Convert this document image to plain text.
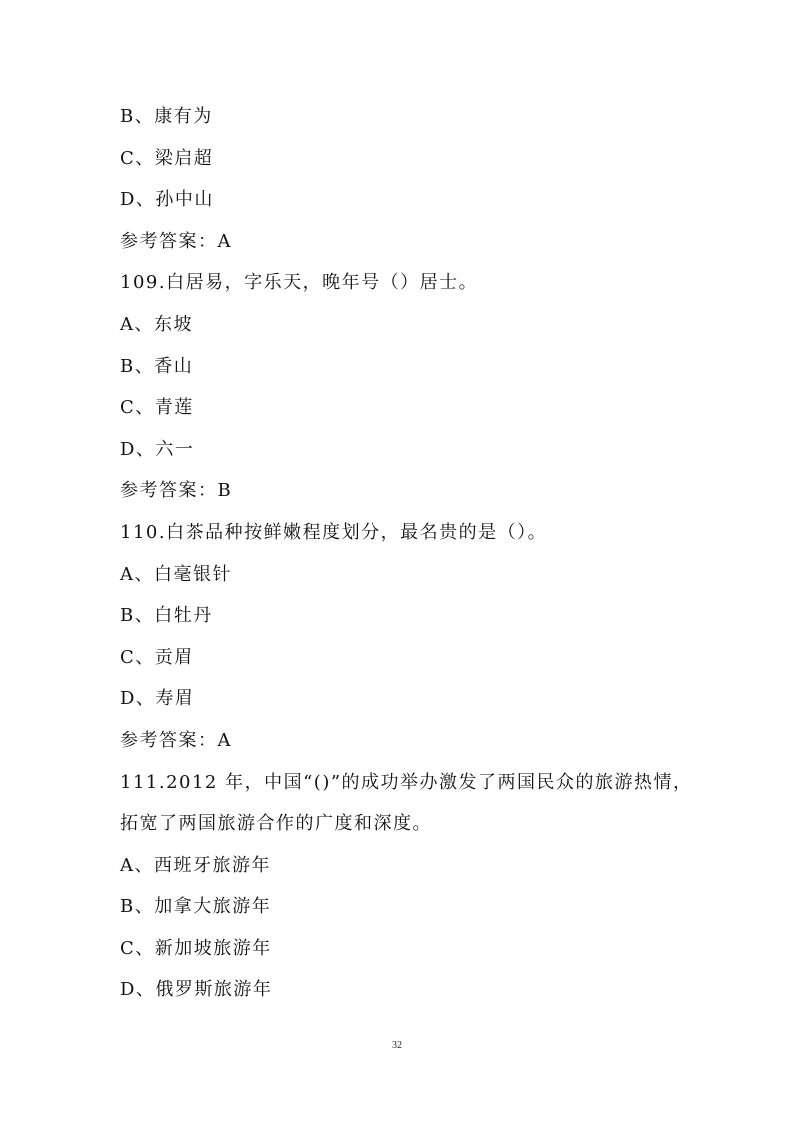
B、康有为
C、梁启超
D、孙中山
参考答案：A
109.白居易，字乐天，晚年号（）居士。
A、东坡
B、香山
C、青莲
D、六一
参考答案：B
110.白茶品种按鲜嫩程度划分，最名贵的是（）。
A、白毫银针
B、白牡丹
C、贡眉
D、寿眉
参考答案：A
111.2012 年，中国“()”的成功举办激发了两国民众的旅游热情，
拓宽了两国旅游合作的广度和深度。
A、西班牙旅游年
B、加拿大旅游年
C、新加坡旅游年
D、俄罗斯旅游年
32
